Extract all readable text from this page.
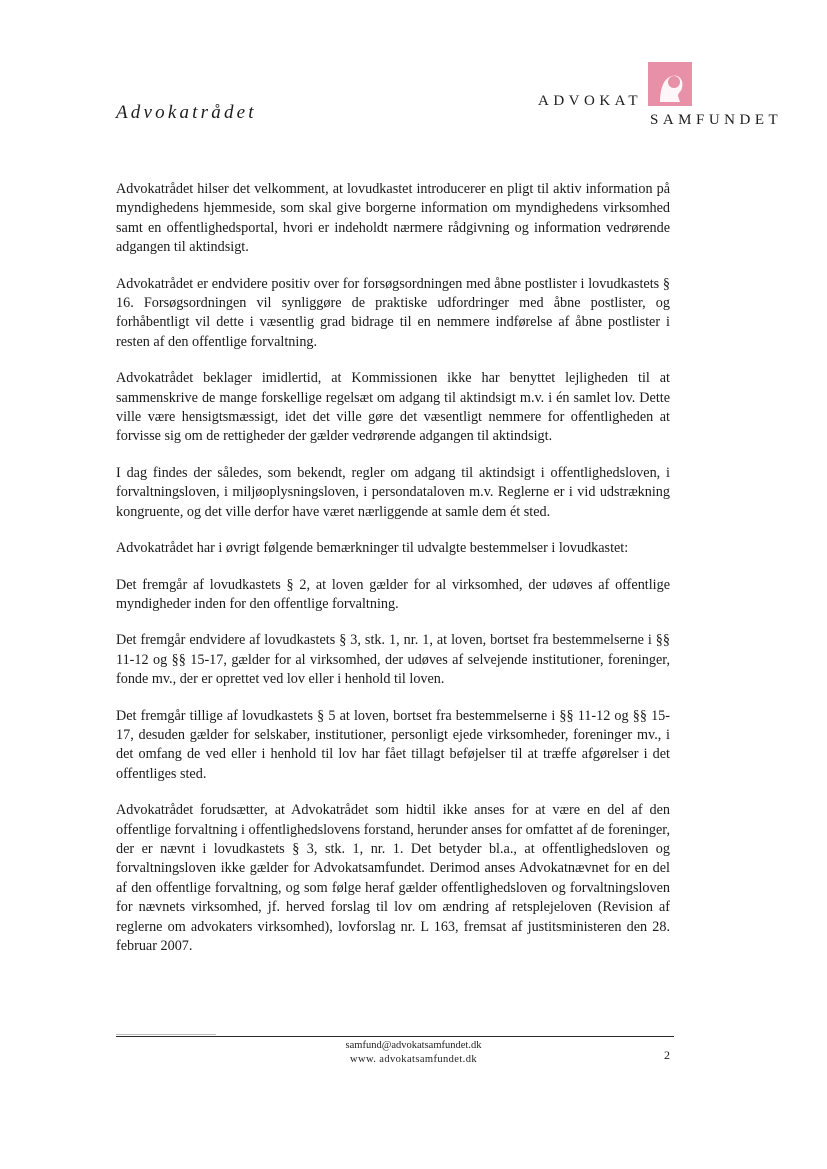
Advokatrådet
ADVOKAT
SAMFUNDET

Advokatrådet hilser det velkomment, at lovudkastet introducerer en pligt til aktiv information på myndighedens hjemmeside, som skal give borgerne information om myndighedens virksomhed samt en offentlighedsportal, hvori er indeholdt nærmere rådgivning og information vedrørende adgangen til aktindsigt.

Advokatrådet er endvidere positiv over for forsøgsordningen med åbne postlister i lovudkastets § 16. Forsøgsordningen vil synliggøre de praktiske udfordringer med åbne postlister, og forhåbentligt vil dette i væsentlig grad bidrage til en nemmere indførelse af åbne postlister i resten af den offentlige forvaltning.

Advokatrådet beklager imidlertid, at Kommissionen ikke har benyttet lejligheden til at sammenskrive de mange forskellige regelsæt om adgang til aktindsigt m.v. i én samlet lov. Dette ville være hensigtsmæssigt, idet det ville gøre det væsentligt nemmere for offentligheden at forvisse sig om de rettigheder der gælder vedrørende adgangen til aktindsigt.

I dag findes der således, som bekendt, regler om adgang til aktindsigt i offentlighedsloven, i forvaltningsloven, i miljøoplysningsloven, i persondataloven m.v. Reglerne er i vid udstrækning kongruente, og det ville derfor have været nærliggende at samle dem ét sted.

Advokatrådet har i øvrigt følgende bemærkninger til udvalgte bestemmelser i lovudkastet:

Det fremgår af lovudkastets § 2, at loven gælder for al virksomhed, der udøves af offentlige myndigheder inden for den offentlige forvaltning.

Det fremgår endvidere af lovudkastets § 3, stk. 1, nr. 1, at loven, bortset fra bestemmelserne i §§ 11-12 og §§ 15-17, gælder for al virksomhed, der udøves af selvejende institutioner, foreninger, fonde mv., der er oprettet ved lov eller i henhold til loven.

Det fremgår tillige af lovudkastets § 5 at loven, bortset fra bestemmelserne i §§ 11-12 og §§ 15-17, desuden gælder for selskaber, institutioner, personligt ejede virksomheder, foreninger mv., i det omfang de ved eller i henhold til lov har fået tillagt beføjelser til at træffe afgørelser i det offentliges sted.

Advokatrådet forudsætter, at Advokatrådet som hidtil ikke anses for at være en del af den offentlige forvaltning i offentlighedslovens forstand, herunder anses for omfattet af de foreninger, der er nævnt i lovudkastets § 3, stk. 1, nr. 1. Det betyder bl.a., at offentlighedsloven og forvaltningsloven ikke gælder for Advokatsamfundet. Derimod anses Advokatnævnet for en del af den offentlige forvaltning, og som følge heraf gælder offentlighedsloven og forvaltningsloven for nævnets virksomhed, jf. herved forslag til lov om ændring af retsplejeloven (Revision af reglerne om advokaters virksomhed), lovforslag nr. L 163, fremsat af justitsministeren den 28. februar 2007.

samfund@advokatsamfundet.dk
www. advokatsamfundet.dk	2
